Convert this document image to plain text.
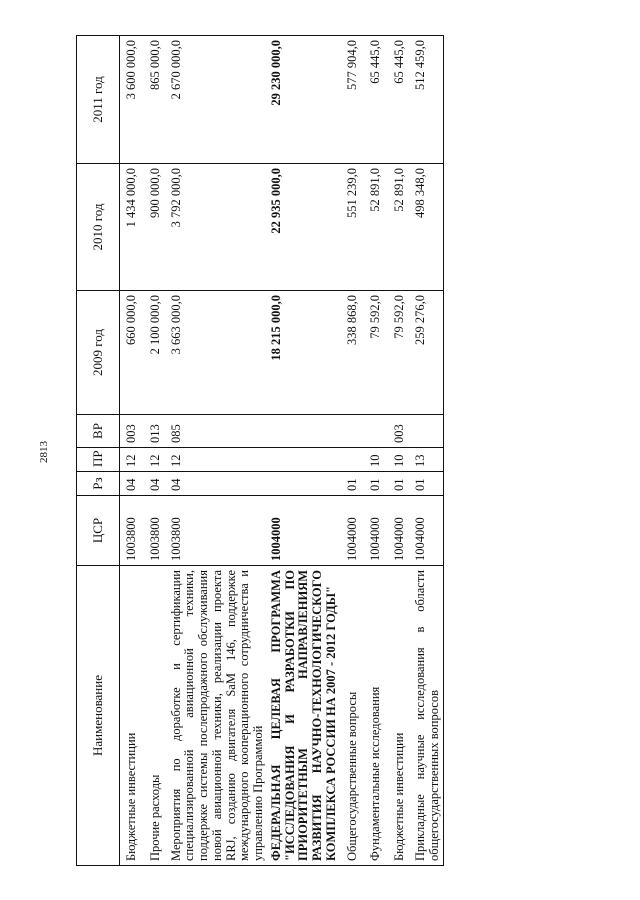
2813
Наименование	ЦСР	Рз	ПР	ВР	2009 год	2010 год	2011 год
Бюджетные инвестиции	1003800	04	12	003	660 000,0	1 434 000,0	3 600 000,0
Прочие расходы	1003800	04	12	013	2 100 000,0	900 000,0	865 000,0
Мероприятия по доработке и сертификации специализированной авиационной техники, поддержке системы послепродажного обслуживания новой авиационной техники, реализации проекта RRJ, созданию двигателя SaM 146, поддержке международного кооперационного сотрудничества и управлению Программой	1003800	04	12	085	3 663 000,0	3 792 000,0	2 670 000,0
ФЕДЕРАЛЬНАЯ ЦЕЛЕВАЯ ПРОГРАММА "ИССЛЕДОВАНИЯ И РАЗРАБОТКИ ПО ПРИОРИТЕТНЫМ НАПРАВЛЕНИЯМ РАЗВИТИЯ НАУЧНО-ТЕХНОЛОГИЧЕСКОГО КОМПЛЕКСА РОССИИ НА 2007 - 2012 ГОДЫ"	1004000				18 215 000,0	22 935 000,0	29 230 000,0
Общегосударственные вопросы	1004000	01			338 868,0	551 239,0	577 904,0
Фундаментальные исследования	1004000	01	10		79 592,0	52 891,0	65 445,0
Бюджетные инвестиции	1004000	01	10	003	79 592,0	52 891,0	65 445,0
Прикладные научные исследования в области общегосударственных вопросов	1004000	01	13		259 276,0	498 348,0	512 459,0
